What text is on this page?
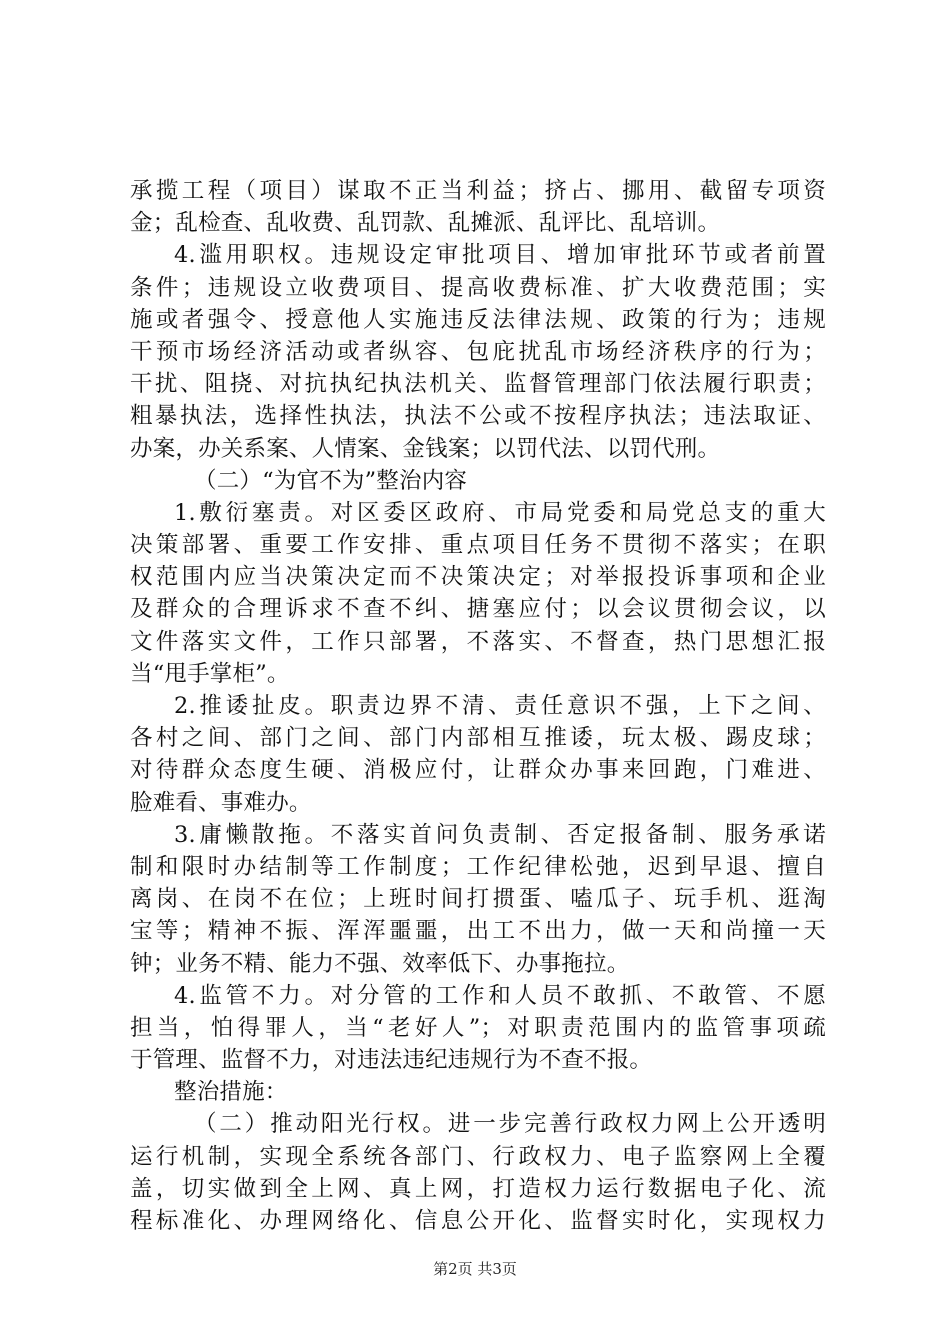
承揽工程（项目）谋取不正当利益；挤占、挪用、截留专项资
金；乱检查、乱收费、乱罚款、乱摊派、乱评比、乱培训。
4.滥用职权。违规设定审批项目、增加审批环节或者前置
条件；违规设立收费项目、提高收费标准、扩大收费范围；实
施或者强令、授意他人实施违反法律法规、政策的行为；违规
干预市场经济活动或者纵容、包庇扰乱市场经济秩序的行为；
干扰、阻挠、对抗执纪执法机关、监督管理部门依法履行职责；
粗暴执法，选择性执法，执法不公或不按程序执法；违法取证、
办案，办关系案、人情案、金钱案；以罚代法、以罚代刑。
（二）“为官不为”整治内容
1.敷衍塞责。对区委区政府、市局党委和局党总支的重大
决策部署、重要工作安排、重点项目任务不贯彻不落实；在职
权范围内应当决策决定而不决策决定；对举报投诉事项和企业
及群众的合理诉求不查不纠、搪塞应付；以会议贯彻会议，以
文件落实文件，工作只部署，不落实、不督查，热门思想汇报
当“甩手掌柜”。
2.推诿扯皮。职责边界不清、责任意识不强，上下之间、
各村之间、部门之间、部门内部相互推诿，玩太极、踢皮球；
对待群众态度生硬、消极应付，让群众办事来回跑，门难进、
脸难看、事难办。
3.庸懒散拖。不落实首问负责制、否定报备制、服务承诺
制和限时办结制等工作制度；工作纪律松弛，迟到早退、擅自
离岗、在岗不在位；上班时间打掼蛋、嗑瓜子、玩手机、逛淘
宝等；精神不振、浑浑噩噩，出工不出力，做一天和尚撞一天
钟；业务不精、能力不强、效率低下、办事拖拉。
4.监管不力。对分管的工作和人员不敢抓、不敢管、不愿
担当，怕得罪人，当“老好人”；对职责范围内的监管事项疏
于管理、监督不力，对违法违纪违规行为不查不报。
整治措施：
（二）推动阳光行权。进一步完善行政权力网上公开透明
运行机制，实现全系统各部门、行政权力、电子监察网上全覆
盖，切实做到全上网、真上网，打造权力运行数据电子化、流
程标准化、办理网络化、信息公开化、监督实时化，实现权力
第2页 共3页
